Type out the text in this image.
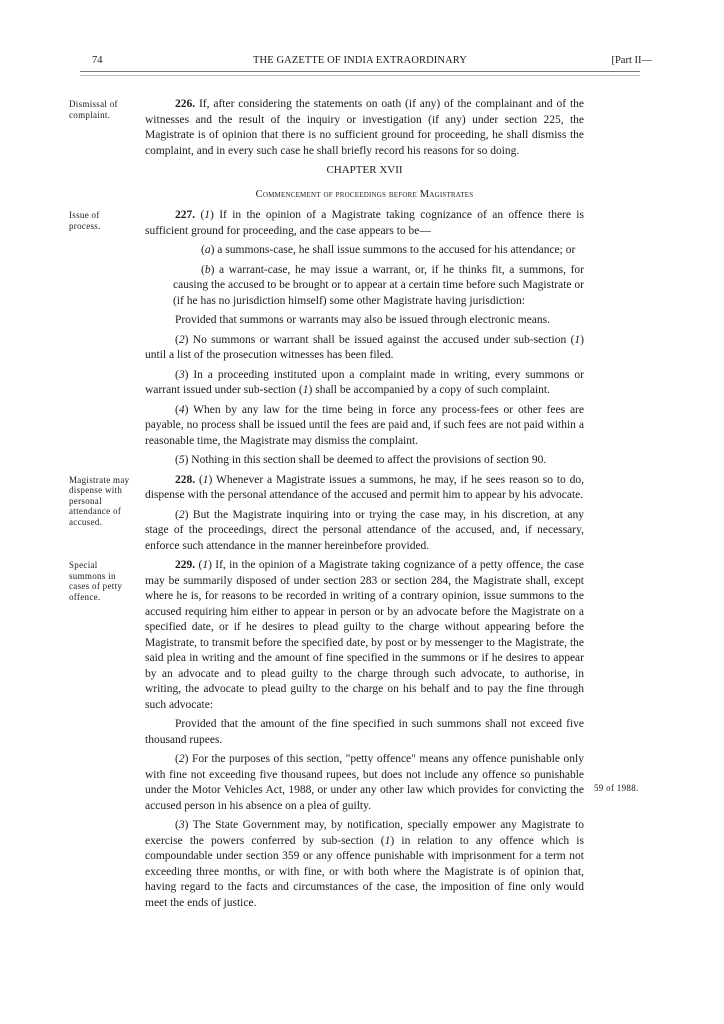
74	THE GAZETTE OF INDIA EXTRAORDINARY	[Part II—

Dismissal of complaint.
226. If, after considering the statements on oath (if any) of the complainant and of the witnesses and the result of the inquiry or investigation (if any) under section 225, the Magistrate is of opinion that there is no sufficient ground for proceeding, he shall dismiss the complaint, and in every such case he shall briefly record his reasons for so doing.

CHAPTER XVII

Commencement of proceedings before Magistrates

Issue of process.
227. (1) If in the opinion of a Magistrate taking cognizance of an offence there is sufficient ground for proceeding, and the case appears to be—

(a) a summons-case, he shall issue summons to the accused for his attendance; or

(b) a warrant-case, he may issue a warrant, or, if he thinks fit, a summons, for causing the accused to be brought or to appear at a certain time before such Magistrate or (if he has no jurisdiction himself) some other Magistrate having jurisdiction:

Provided that summons or warrants may also be issued through electronic means.

(2) No summons or warrant shall be issued against the accused under sub-section (1) until a list of the prosecution witnesses has been filed.

(3) In a proceeding instituted upon a complaint made in writing, every summons or warrant issued under sub-section (1) shall be accompanied by a copy of such complaint.

(4) When by any law for the time being in force any process-fees or other fees are payable, no process shall be issued until the fees are paid and, if such fees are not paid within a reasonable time, the Magistrate may dismiss the complaint.

(5) Nothing in this section shall be deemed to affect the provisions of section 90.

Magistrate may dispense with personal attendance of accused.
228. (1) Whenever a Magistrate issues a summons, he may, if he sees reason so to do, dispense with the personal attendance of the accused and permit him to appear by his advocate.

(2) But the Magistrate inquiring into or trying the case may, in his discretion, at any stage of the proceedings, direct the personal attendance of the accused, and, if necessary, enforce such attendance in the manner hereinbefore provided.

Special summons in cases of petty offence.
229. (1) If, in the opinion of a Magistrate taking cognizance of a petty offence, the case may be summarily disposed of under section 283 or section 284, the Magistrate shall, except where he is, for reasons to be recorded in writing of a contrary opinion, issue summons to the accused requiring him either to appear in person or by an advocate before the Magistrate on a specified date, or if he desires to plead guilty to the charge without appearing before the Magistrate, to transmit before the specified date, by post or by messenger to the Magistrate, the said plea in writing and the amount of fine specified in the summons or if he desires to appear by an advocate and to plead guilty to the charge through such advocate, to authorise, in writing, the advocate to plead guilty to the charge on his behalf and to pay the fine through such advocate:

Provided that the amount of the fine specified in such summons shall not exceed five thousand rupees.

59 of 1988.
(2) For the purposes of this section, "petty offence" means any offence punishable only with fine not exceeding five thousand rupees, but does not include any offence so punishable under the Motor Vehicles Act, 1988, or under any other law which provides for convicting the accused person in his absence on a plea of guilty.

(3) The State Government may, by notification, specially empower any Magistrate to exercise the powers conferred by sub-section (1) in relation to any offence which is compoundable under section 359 or any offence punishable with imprisonment for a term not exceeding three months, or with fine, or with both where the Magistrate is of opinion that, having regard to the facts and circumstances of the case, the imposition of fine only would meet the ends of justice.
